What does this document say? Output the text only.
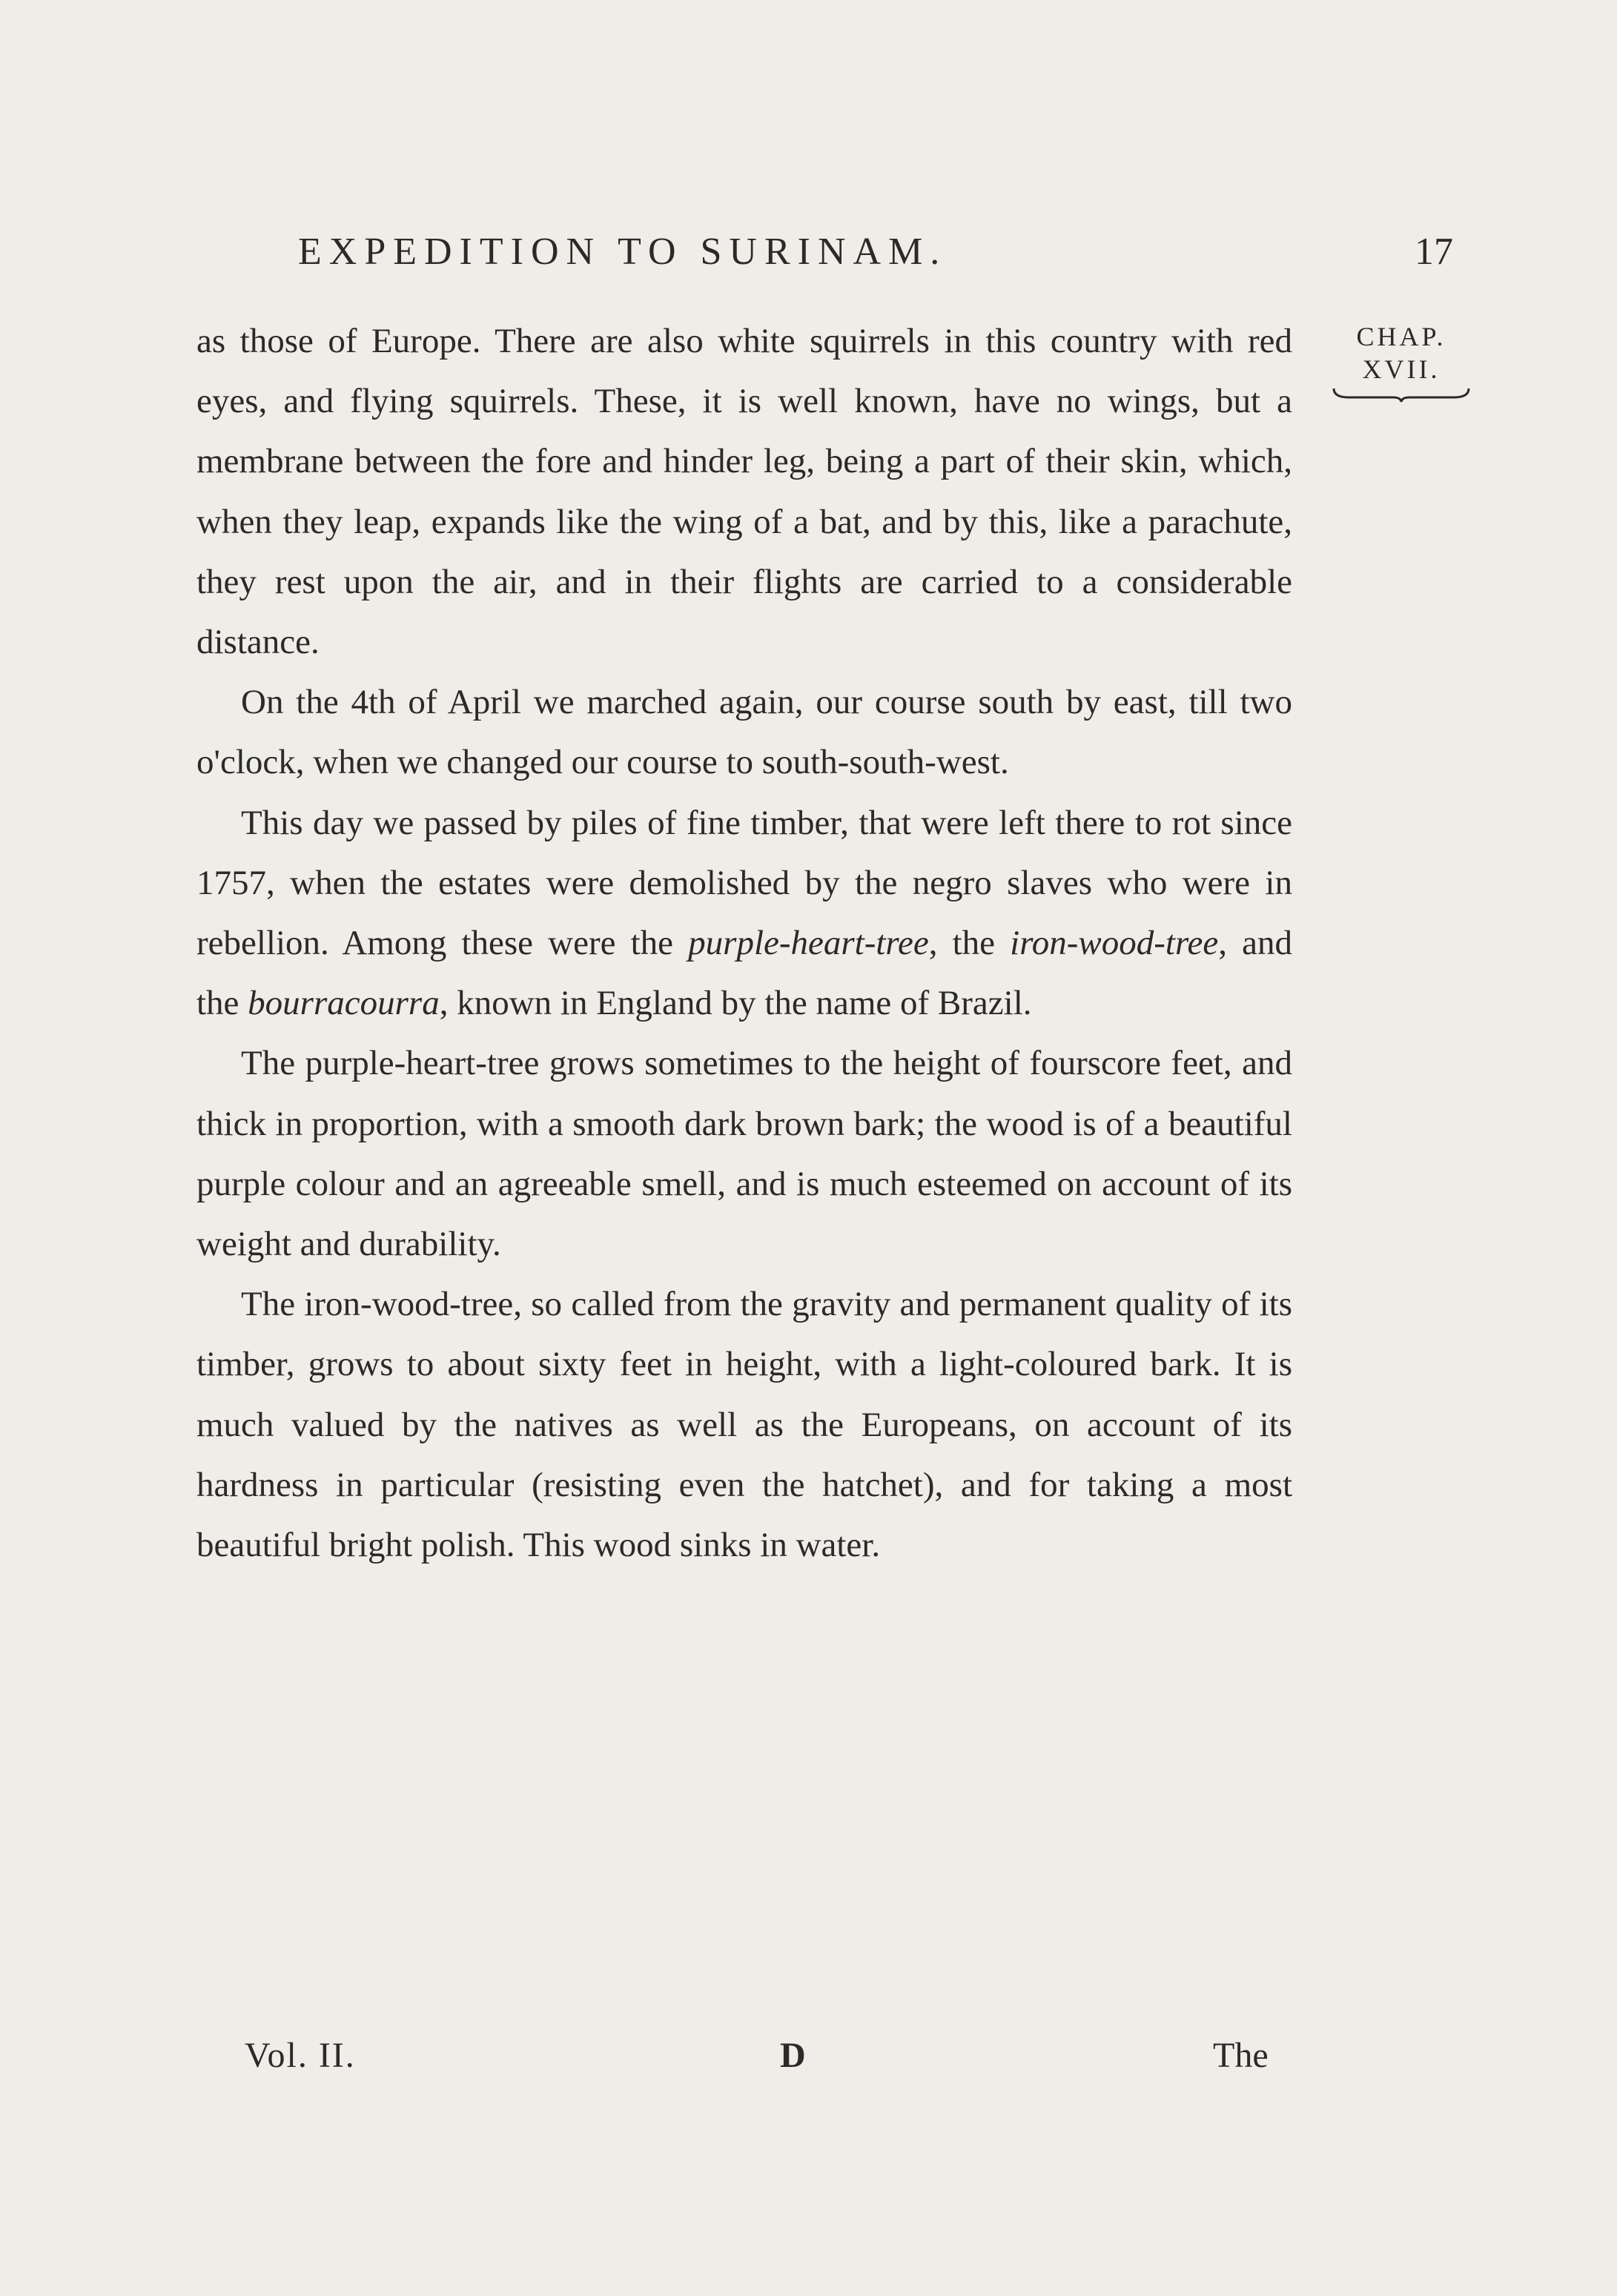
EXPEDITION TO SURINAM.	17
CHAP.
XVII.

as those of Europe. There are also white squirrels in this country with red eyes, and flying squirrels. These, it is well known, have no wings, but a membrane between the fore and hinder leg, being a part of their skin, which, when they leap, expands like the wing of a bat, and by this, like a parachute, they rest upon the air, and in their flights are carried to a considerable distance.

On the 4th of April we marched again, our course south by east, till two o'clock, when we changed our course to south-south-west.

This day we passed by piles of fine timber, that were left there to rot since 1757, when the estates were demolished by the negro slaves who were in rebellion. Among these were the purple-heart-tree, the iron-wood-tree, and the bourracourra, known in England by the name of Brazil.

The purple-heart-tree grows sometimes to the height of fourscore feet, and thick in proportion, with a smooth dark brown bark; the wood is of a beautiful purple colour and an agreeable smell, and is much esteemed on account of its weight and durability.

The iron-wood-tree, so called from the gravity and permanent quality of its timber, grows to about sixty feet in height, with a light-coloured bark. It is much valued by the natives as well as the Europeans, on account of its hardness in particular (resisting even the hatchet), and for taking a most beautiful bright polish. This wood sinks in water.

Vol. II.	D	The
